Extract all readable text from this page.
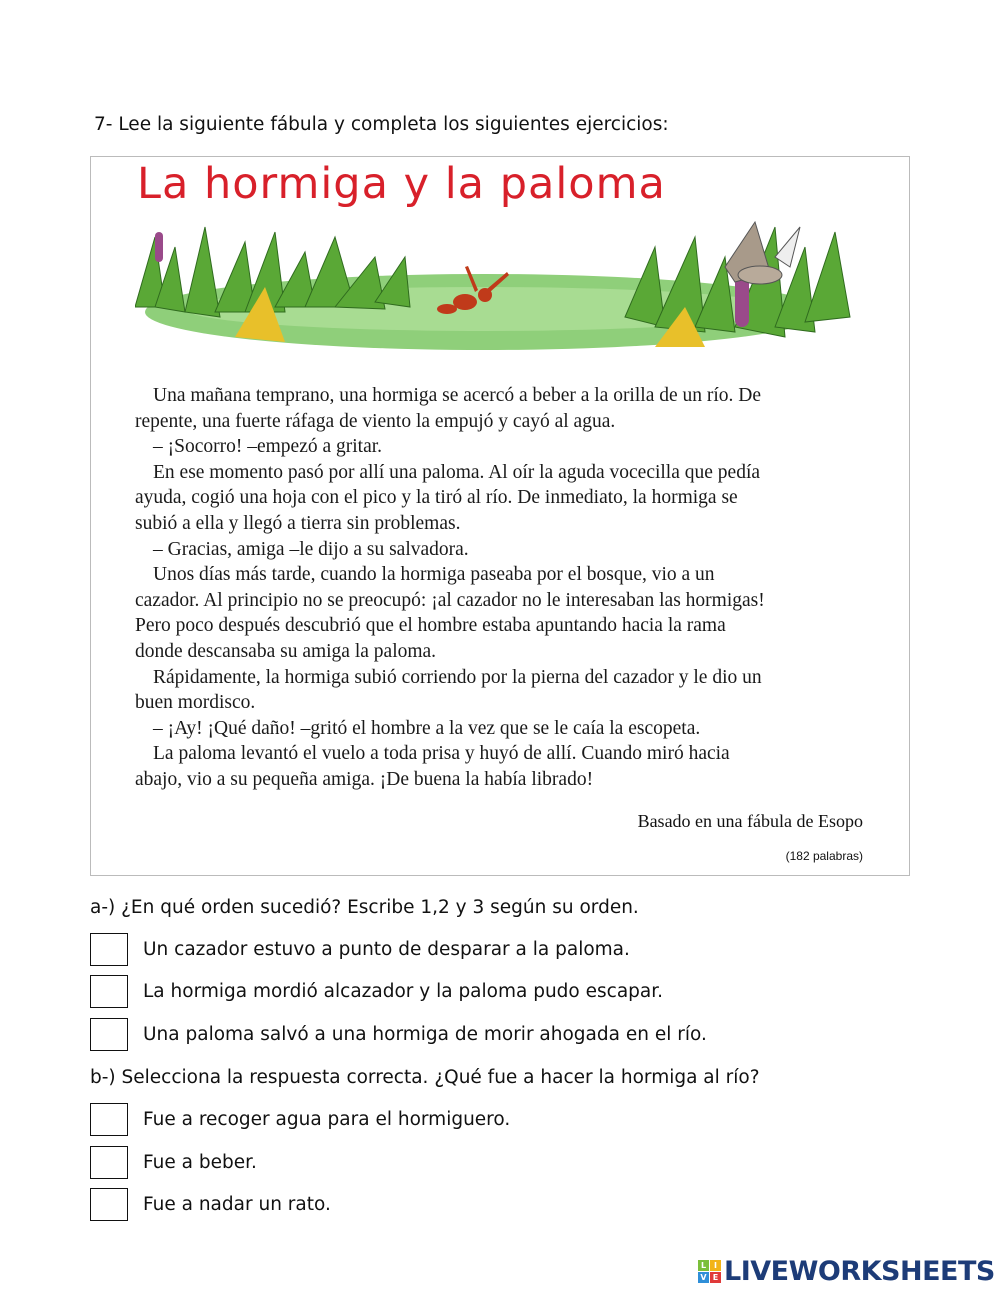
7- Lee la siguiente fábula y completa los siguientes ejercicios:
La hormiga y la paloma
Una mañana temprano, una hormiga se acercó a beber a la orilla de un río. De
repente, una fuerte ráfaga de viento la empujó y cayó al agua.
– ¡Socorro! –empezó a gritar.
En ese momento pasó por allí una paloma. Al oír la aguda vocecilla que pedía
ayuda, cogió una hoja con el pico y la tiró al río. De inmediato, la hormiga se
subió a ella y llegó a tierra sin problemas.
– Gracias, amiga –le dijo a su salvadora.
Unos días más tarde, cuando la hormiga paseaba por el bosque, vio a un
cazador. Al principio no se preocupó: ¡al cazador no le interesaban las hormigas!
Pero poco después descubrió que el hombre estaba apuntando hacia la rama
donde descansaba su amiga la paloma.
Rápidamente, la hormiga subió corriendo por la pierna del cazador y le dio un
buen mordisco.
– ¡Ay! ¡Qué daño! –gritó el hombre a la vez que se le caía la escopeta.
La paloma levantó el vuelo a toda prisa y huyó de allí. Cuando miró hacia
abajo, vio a su pequeña amiga. ¡De buena la había librado!
Basado en una fábula de Esopo
(182 palabras)
a-) ¿En qué orden sucedió? Escribe 1,2 y 3 según su orden.
Un cazador estuvo a punto de desparar a la paloma.
La hormiga mordió alcazador y la paloma pudo escapar.
Una paloma salvó a una hormiga de morir ahogada en el río.
b-) Selecciona la respuesta correcta. ¿Qué fue a hacer la hormiga al río?
Fue a recoger agua para el hormiguero.
Fue a beber.
Fue a nadar un rato.
L I
V E LIVEWORKSHEETS
